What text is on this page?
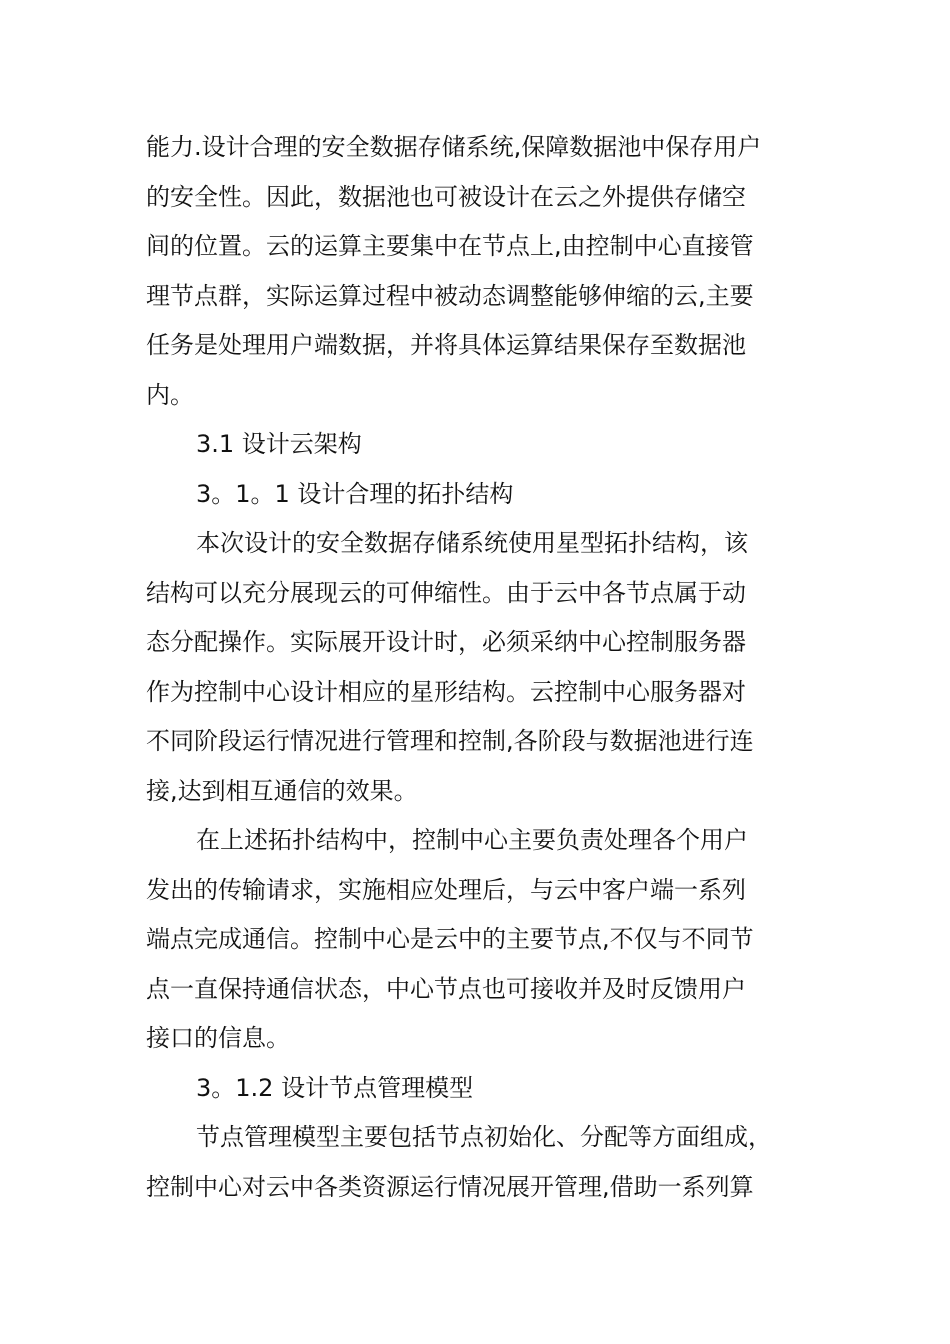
能力.设计合理的安全数据存储系统,保障数据池中保存用户
的安全性。因此，数据池也可被设计在云之外提供存储空
间的位置。云的运算主要集中在节点上,由控制中心直接管
理节点群，实际运算过程中被动态调整能够伸缩的云,主要
任务是处理用户端数据，并将具体运算结果保存至数据池
内。

3.1 设计云架构
3。1。1 设计合理的拓扑结构

本次设计的安全数据存储系统使用星型拓扑结构，该
结构可以充分展现云的可伸缩性。由于云中各节点属于动
态分配操作。实际展开设计时，必须采纳中心控制服务器
作为控制中心设计相应的星形结构。云控制中心服务器对
不同阶段运行情况进行管理和控制,各阶段与数据池进行连
接,达到相互通信的效果。

在上述拓扑结构中，控制中心主要负责处理各个用户
发出的传输请求，实施相应处理后，与云中客户端一系列
端点完成通信。控制中心是云中的主要节点,不仅与不同节
点一直保持通信状态，中心节点也可接收并及时反馈用户
接口的信息。

3。1.2 设计节点管理模型

节点管理模型主要包括节点初始化、分配等方面组成，
控制中心对云中各类资源运行情况展开管理,借助一系列算
